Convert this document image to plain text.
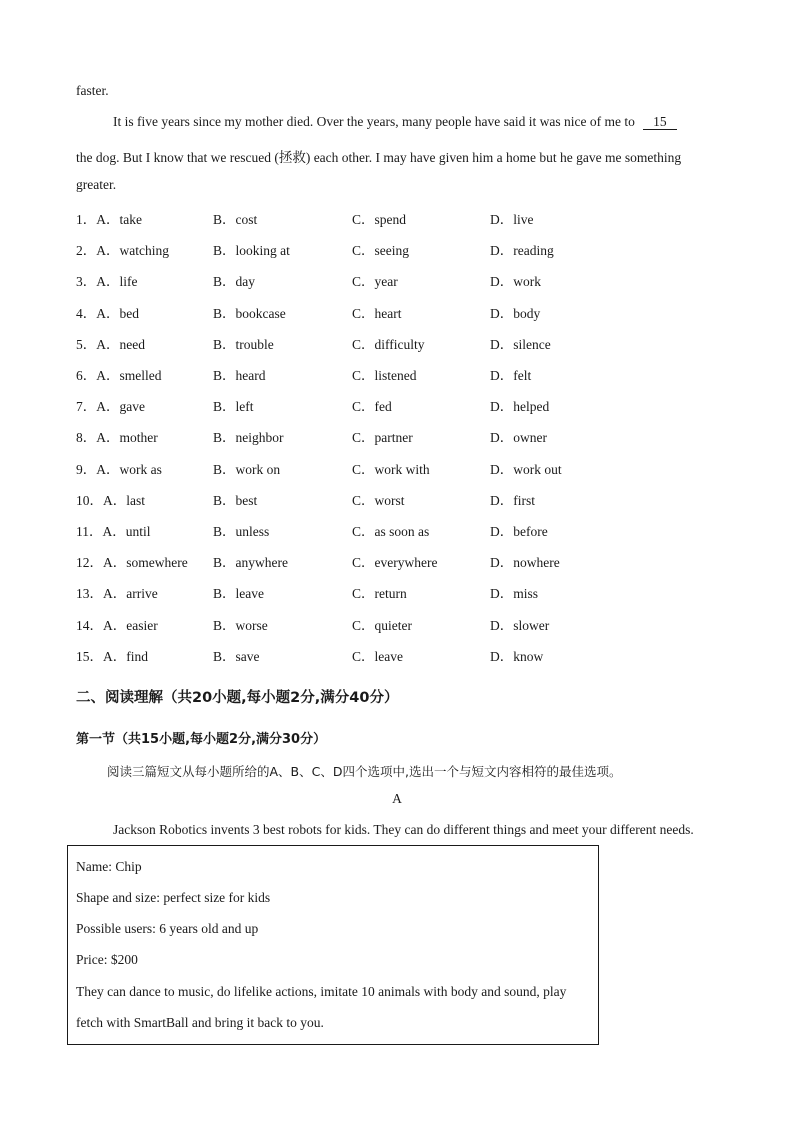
faster.
It is five years since my mother died. Over the years, many people have said it was nice of me to 15
the dog. But I know that we rescued (拯救) each other. I may have given him a home but he gave me something
greater.
1．A．take	B．cost	C．spend	D．live
2．A．watching	B．looking at	C．seeing	D．reading
3．A．life	B．day	C．year	D．work
4．A．bed	B．bookcase	C．heart	D．body
5．A．need	B．trouble	C．difficulty	D．silence
6．A．smelled	B．heard	C．listened	D．felt
7．A．gave	B．left	C．fed	D．helped
8．A．mother	B．neighbor	C．partner	D．owner
9．A．work as	B．work on	C．work with	D．work out
10．A．last	B．best	C．worst	D．first
11．A．until	B．unless	C．as soon as	D．before
12．A．somewhere B．anywhere	C．everywhere	D．nowhere
13．A．arrive	B．leave	C．return	D．miss
14．A．easier	B．worse	C．quieter	D．slower
15．A．find	B．save	C．leave	D．know
二、阅读理解（共20小题,每小题2分,满分40分）
第一节（共15小题,每小题2分,满分30分）
阅读三篇短文从每小题所给的A、B、C、D四个选项中,选出一个与短文内容相符的最佳选项。
A
Jackson Robotics invents 3 best robots for kids. They can do different things and meet your different needs.
Name: Chip
Shape and size: perfect size for kids
Possible users: 6 years old and up
Price: $200
They can dance to music, do lifelike actions, imitate 10 animals with body and sound, play
fetch with SmartBall and bring it back to you.
